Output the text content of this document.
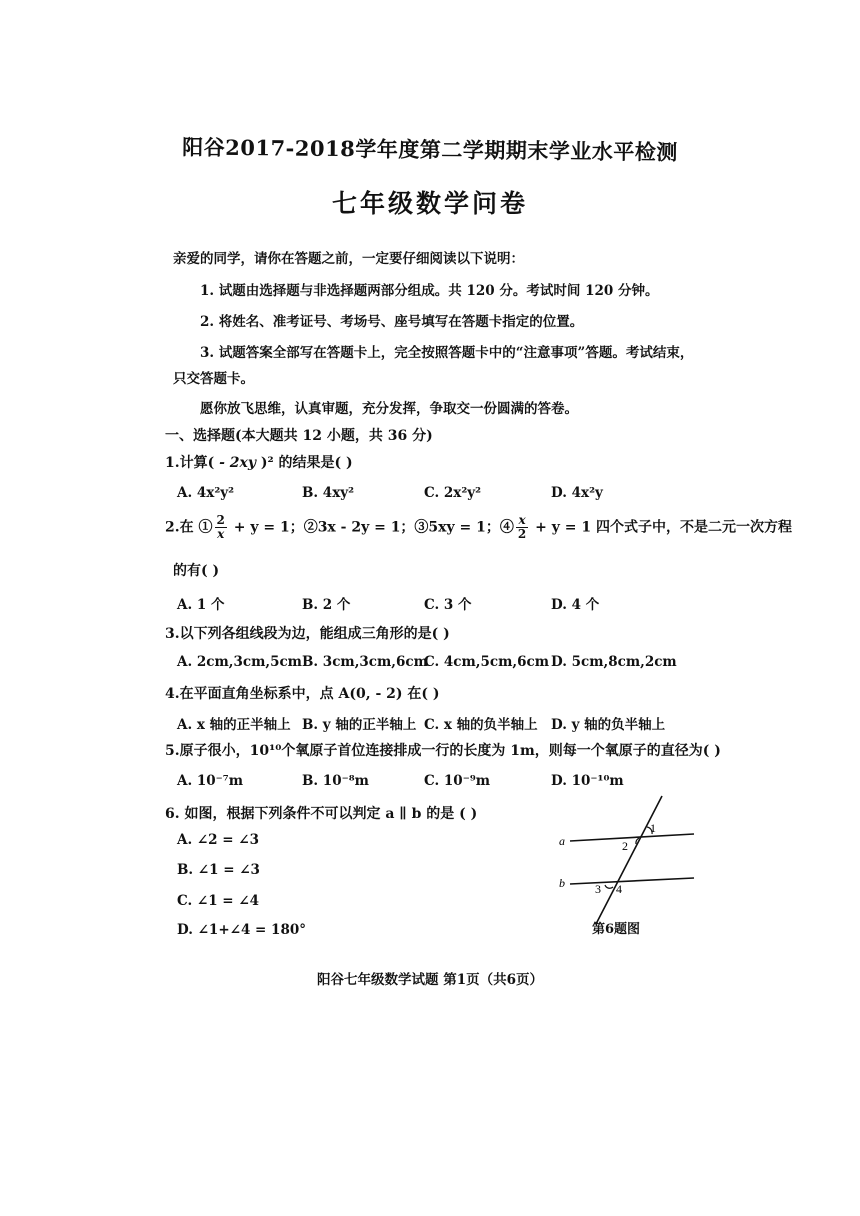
阳谷2017-2018学年度第二学期期末学业水平检测
七年级数学问卷
亲爱的同学，请你在答题之前，一定要仔细阅读以下说明：
1. 试题由选择题与非选择题两部分组成。共 120 分。考试时间 120 分钟。
2. 将姓名、准考证号、考场号、座号填写在答题卡指定的位置。
3. 试题答案全部写在答题卡上，完全按照答题卡中的“注意事项”答题。考试结束，
只交答题卡。
愿你放飞思维，认真审题，充分发挥，争取交一份圆满的答卷。
一、选择题(本大题共 12 小题，共 36 分)
1.计算( - 2xy )² 的结果是( )
A. 4x²y²	B. 4xy²	C. 2x²y²	D. 4x²y
2.在 ① $\frac{2}{x} + y = 1$；②3x - 2y = 1；③5xy = 1；④ $\frac{x}{2} + y = 1$ 四个式子中，不是二元一次方程
的有( )
A. 1 个	B. 2 个	C. 3 个	D. 4 个
3.以下列各组线段为边，能组成三角形的是( )
A. 2cm,3cm,5cm B. 3cm,3cm,6cm
C. 4cm,5cm,6cm D. 5cm,8cm,2cm
4.在平面直角坐标系中，点 A(0, - 2) 在( )
A. x 轴的正半轴上 B. y 轴的正半轴上 C. x 轴的负半轴上 D. y 轴的负半轴上
5.原子很小，10¹⁰个氧原子首位连接排成一行的长度为 1m，则每一个氧原子的直径为( )
A. 10⁻⁷m	B. 10⁻⁸m	C. 10⁻⁹m	D. 10⁻¹⁰m
6. 如图，根据下列条件不可以判定 a ∥ b 的是 ( )
A. ∠2 = ∠3
B. ∠1 = ∠3
C. ∠1 = ∠4
D. ∠1+∠4 = 180°
a
b
1
2
3 4
第6题图
阳谷七年级数学试题 第1页（共6页）
